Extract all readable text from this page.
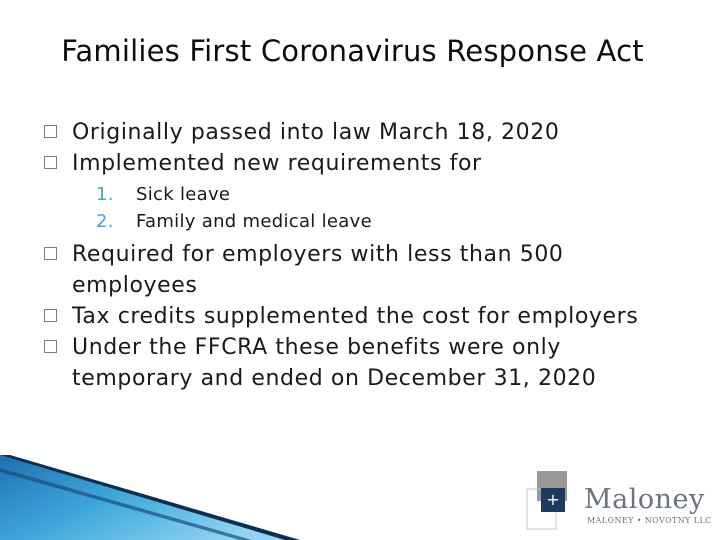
Families First Coronavirus Response Act
Originally passed into law March 18, 2020
Implemented new requirements for
1. Sick leave
2. Family and medical leave
Required for employers with less than 500
employees
Tax credits supplemented the cost for employers
Under the FFCRA these benefits were only
temporary and ended on December 31, 2020
+ Maloney
MALONEY • NOVOTNY LLC
